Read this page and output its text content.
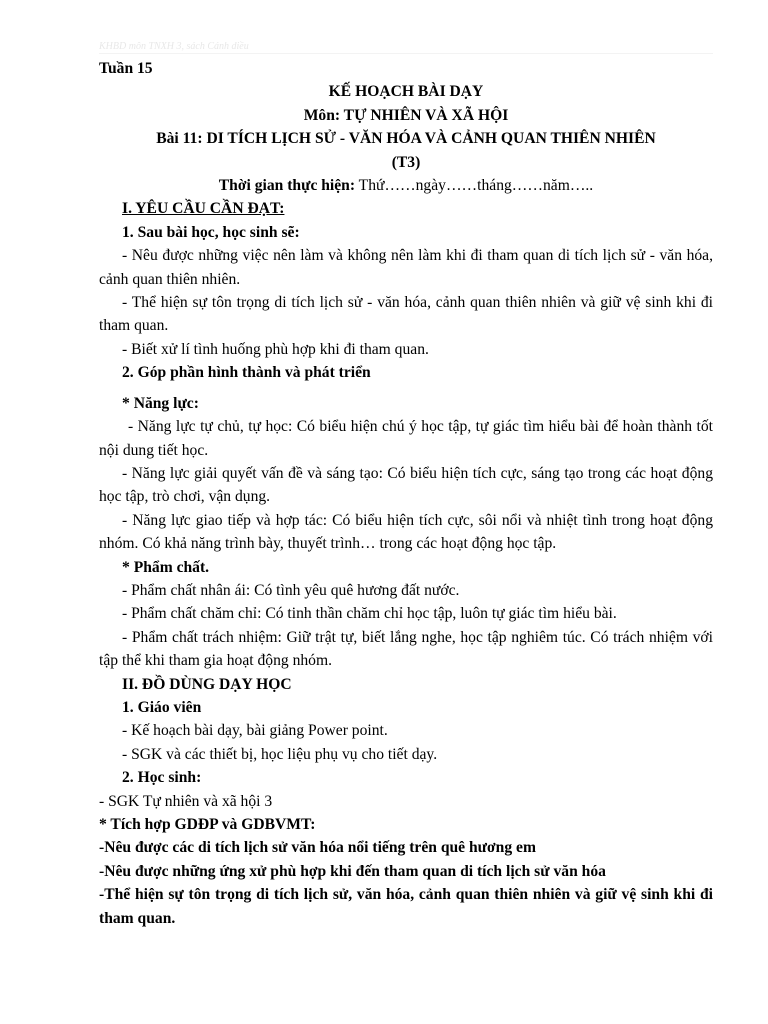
KHBD môn TNXH 3, sách Cánh diều

Tuần 15

KẾ HOẠCH BÀI DẠY

Môn: TỰ NHIÊN VÀ XÃ HỘI

Bài 11: DI TÍCH LỊCH SỬ - VĂN HÓA VÀ CẢNH QUAN THIÊN NHIÊN

(T3)

Thời gian thực hiện: Thứ……ngày……tháng……năm…..

I. YÊU CẦU CẦN ĐẠT:

1. Sau bài học, học sinh sẽ:

- Nêu được những việc nên làm và không nên làm khi đi tham quan di tích lịch sử - văn hóa, cảnh quan thiên nhiên.

- Thể hiện sự tôn trọng di tích lịch sử - văn hóa, cảnh quan thiên nhiên và giữ vệ sinh khi đi tham quan.

- Biết xử lí tình huống phù hợp khi đi tham quan.

2. Góp phần hình thành và phát triển

* Năng lực:

- Năng lực tự chủ, tự học: Có biểu hiện chú ý học tập, tự giác tìm hiểu bài để hoàn thành tốt nội dung tiết học.

- Năng lực giải quyết vấn đề và sáng tạo: Có biểu hiện tích cực, sáng tạo trong các hoạt động học tập, trò chơi, vận dụng.

- Năng lực giao tiếp và hợp tác: Có biểu hiện tích cực, sôi nổi và nhiệt tình trong hoạt động nhóm. Có khả năng trình bày, thuyết trình… trong các hoạt động học tập.

* Phẩm chất.

- Phẩm chất nhân ái: Có tình yêu quê hương đất nước.

- Phẩm chất chăm chỉ: Có tinh thần chăm chỉ học tập, luôn tự giác tìm hiểu bài.

- Phẩm chất trách nhiệm: Giữ trật tự, biết lắng nghe, học tập nghiêm túc. Có trách nhiệm với tập thể khi tham gia hoạt động nhóm.

II. ĐỒ DÙNG DẠY HỌC

1. Giáo viên

- Kế hoạch bài dạy, bài giảng Power point.

- SGK và các thiết bị, học liệu phụ vụ cho tiết dạy.

2. Học sinh:

- SGK Tự nhiên và xã hội 3

* Tích hợp GDĐP và GDBVMT:

-Nêu được các di tích lịch sử văn hóa nổi tiếng trên quê hương em

-Nêu được những ứng xử phù hợp khi đến tham quan di tích lịch sử văn hóa

-Thể hiện sự tôn trọng di tích lịch sử, văn hóa, cảnh quan thiên nhiên và giữ vệ sinh khi đi tham quan.
